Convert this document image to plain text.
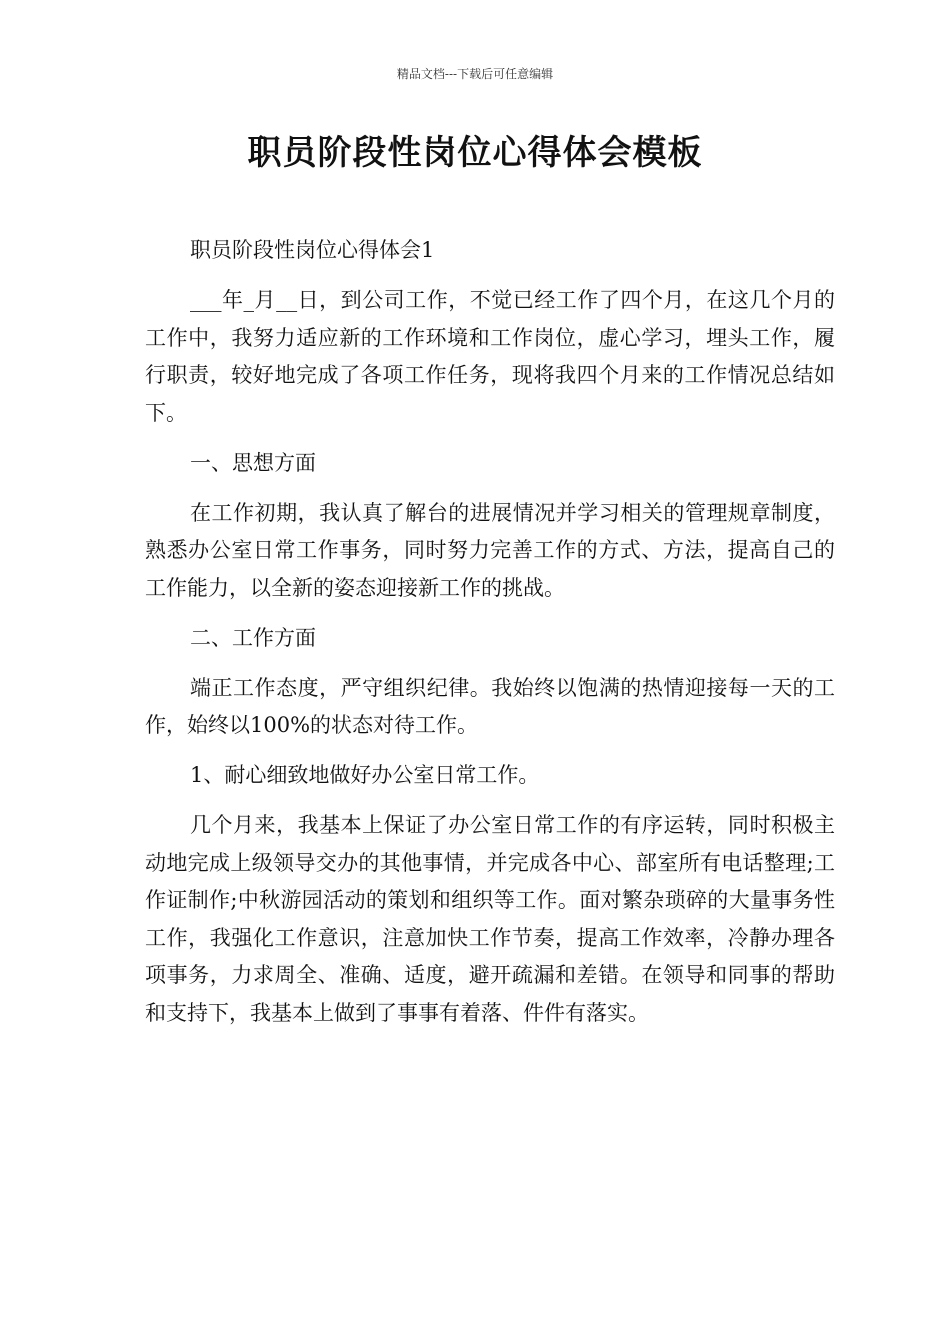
精品文档---下载后可任意编辑
职员阶段性岗位心得体会模板

职员阶段性岗位心得体会1

___年_月__日，到公司工作，不觉已经工作了四个月，在这几个月的工作中，我努力适应新的工作环境和工作岗位，虚心学习，埋头工作，履行职责，较好地完成了各项工作任务，现将我四个月来的工作情况总结如下。

一、思想方面

在工作初期，我认真了解台的进展情况并学习相关的管理规章制度，熟悉办公室日常工作事务，同时努力完善工作的方式、方法，提高自己的工作能力，以全新的姿态迎接新工作的挑战。

二、工作方面

端正工作态度，严守组织纪律。我始终以饱满的热情迎接每一天的工作，始终以100%的状态对待工作。

1、耐心细致地做好办公室日常工作。

几个月来，我基本上保证了办公室日常工作的有序运转，同时积极主动地完成上级领导交办的其他事情，并完成各中心、部室所有电话整理;工作证制作;中秋游园活动的策划和组织等工作。面对繁杂琐碎的大量事务性工作，我强化工作意识，注意加快工作节奏，提高工作效率，冷静办理各项事务，力求周全、准确、适度，避开疏漏和差错。在领导和同事的帮助和支持下，我基本上做到了事事有着落、件件有落实。
